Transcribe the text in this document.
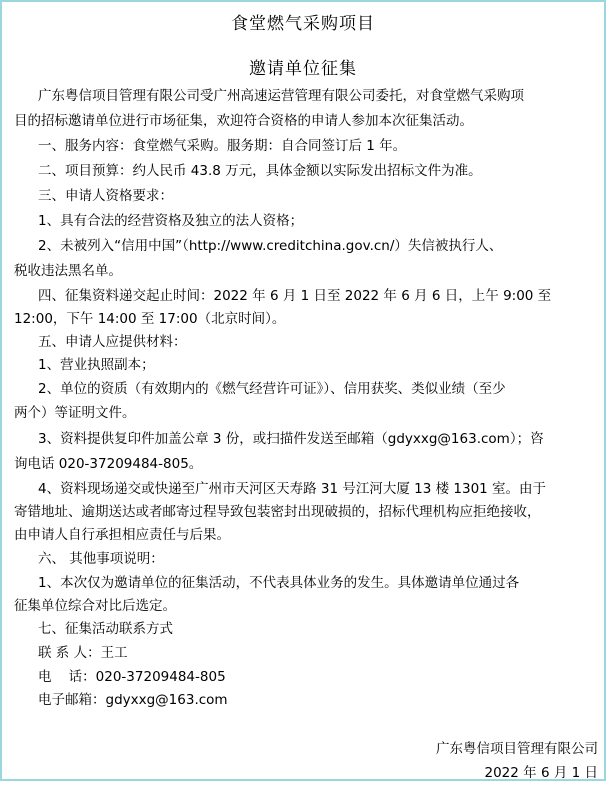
食堂燃气采购项目
邀请单位征集
广东粤信项目管理有限公司受广州高速运营管理有限公司委托，对食堂燃气采购项
目的招标邀请单位进行市场征集，欢迎符合资格的申请人参加本次征集活动。
一、服务内容：食堂燃气采购。服务期：自合同签订后 1 年。
二、项目预算：约人民币 43.8 万元，具体金额以实际发出招标文件为准。
三、申请人资格要求：
1、具有合法的经营资格及独立的法人资格；
2、未被列入“信用中国”（http://www.creditchina.gov.cn/）失信被执行人、
税收违法黑名单。
四、征集资料递交起止时间：2022 年 6 月 1 日至 2022 年 6 月 6 日，上午 9:00 至
12:00，下午 14:00 至 17:00（北京时间）。
五、申请人应提供材料：
1、营业执照副本；
2、单位的资质（有效期内的《燃气经营许可证》）、信用获奖、类似业绩（至少
两个）等证明文件。
3、资料提供复印件加盖公章 3 份，或扫描件发送至邮箱（gdyxxg@163.com）；咨
询电话 020-37209484-805。
4、资料现场递交或快递至广州市天河区天寿路 31 号江河大厦 13 楼 1301 室。由于
寄错地址、逾期送达或者邮寄过程导致包装密封出现破损的，招标代理机构应拒绝接收，
由申请人自行承担相应责任与后果。
六、 其他事项说明：
1、本次仅为邀请单位的征集活动，不代表具体业务的发生。具体邀请单位通过各
征集单位综合对比后选定。
七、征集活动联系方式
联 系 人：王工
电    话：020-37209484-805
电子邮箱：gdyxxg@163.com
广东粤信项目管理有限公司
2022 年 6 月 1 日
